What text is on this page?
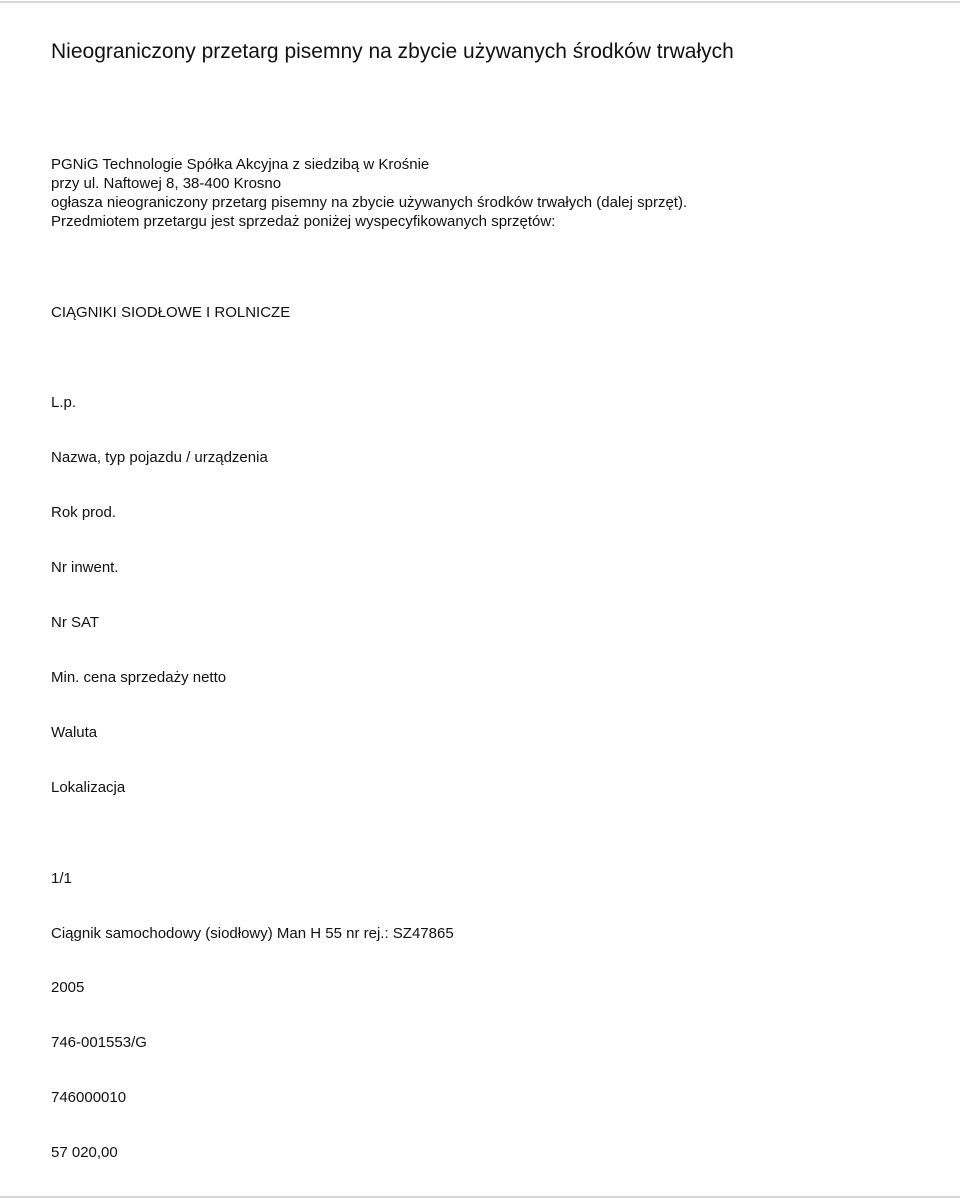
Nieograniczony przetarg pisemny na zbycie używanych środków trwałych
PGNiG Technologie Spółka Akcyjna z siedzibą w Krośnie
przy ul. Naftowej 8, 38-400 Krosno
ogłasza nieograniczony przetarg pisemny na zbycie używanych środków trwałych (dalej sprzęt).
Przedmiotem przetargu jest sprzedaż poniżej wyspecyfikowanych sprzętów:
CIĄGNIKI SIODŁOWE I ROLNICZE
L.p.
Nazwa, typ pojazdu / urządzenia
Rok prod.
Nr inwent.
Nr SAT
Min. cena sprzedaży netto
Waluta
Lokalizacja
1/1
Ciągnik samochodowy (siodłowy) Man H 55 nr rej.: SZ47865
2005
746-001553/G
746000010
57 020,00
